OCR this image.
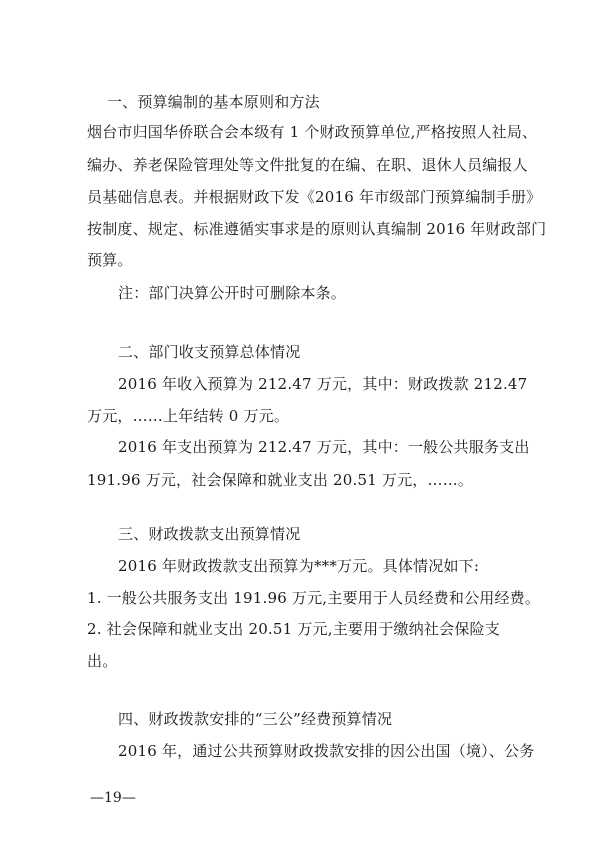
一、预算编制的基本原则和方法
烟台市归国华侨联合会本级有 1 个财政预算单位,严格按照人社局、
编办、养老保险管理处等文件批复的在编、在职、退休人员编报人
员基础信息表。并根据财政下发《2016 年市级部门预算编制手册》
按制度、规定、标准遵循实事求是的原则认真编制 2016 年财政部门
预算。
注：部门决算公开时可删除本条。
二、部门收支预算总体情况
2016 年收入预算为 212.47 万元，其中：财政拨款 212.47
万元，……上年结转 0 万元。
2016 年支出预算为 212.47 万元，其中：一般公共服务支出
191.96 万元，社会保障和就业支出 20.51 万元，……。
三、财政拨款支出预算情况
2016 年财政拨款支出预算为***万元。具体情况如下:
1. 一般公共服务支出 191.96 万元,主要用于人员经费和公用经费。
2. 社会保障和就业支出 20.51 万元,主要用于缴纳社会保险支
出。
四、财政拨款安排的“三公”经费预算情况
2016 年，通过公共预算财政拨款安排的因公出国（境）、公务
—19—
